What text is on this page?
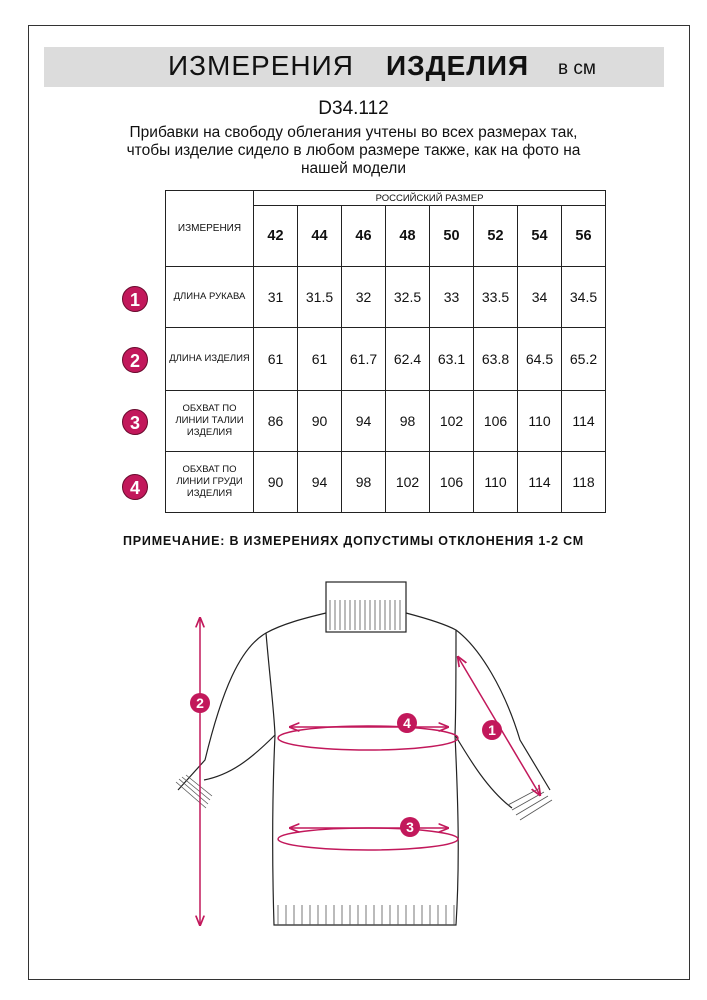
ИЗМЕРЕНИЯ ИЗДЕЛИЯ в см
D34.112
Прибавки на свободу облегания учтены во всех размерах так, чтобы изделие сидело в любом размере также, как на фото на нашей модели
ИЗМЕРЕНИЯ	РОССИЙСКИЙ РАЗМЕР							
	42	44	46	48	50	52	54	56
ДЛИНА РУКАВА	31	31.5	32	32.5	33	33.5	34	34.5
ДЛИНА ИЗДЕЛИЯ	61	61	61.7	62.4	63.1	63.8	64.5	65.2
ОБХВАТ ПО ЛИНИИ ТАЛИИ ИЗДЕЛИЯ	86	90	94	98	102	106	110	114
ОБХВАТ ПО ЛИНИИ ГРУДИ ИЗДЕЛИЯ	90	94	98	102	106	110	114	118
1
2
3
4
ПРИМЕЧАНИЕ: В ИЗМЕРЕНИЯХ ДОПУСТИМЫ ОТКЛОНЕНИЯ 1-2 СМ
2
1
4
3
